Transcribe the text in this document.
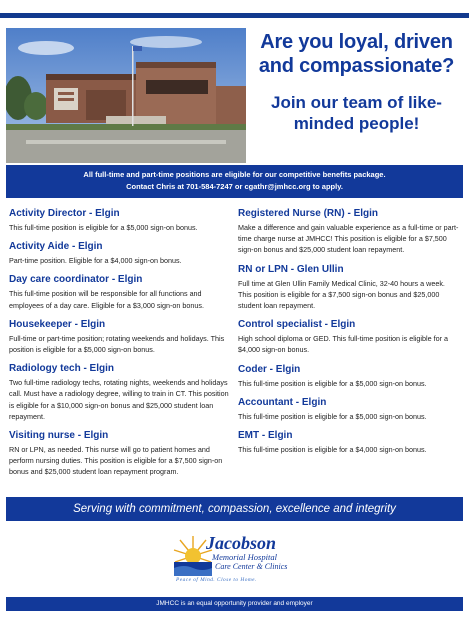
Are you loyal, driven and compassionate?
Join our team of like-minded people!
All full-time and part-time positions are eligible for our competitive benefits package.
Contact Chris at 701-584-7247 or cgathr@jmhcc.org to apply.
Activity Director - Elgin
This full-time position is eligible for a $5,000 sign-on bonus.
Activity Aide - Elgin
Part-time position. Eligible for a $4,000 sign-on bonus.
Day care coordinator - Elgin
This full-time position will be responsible for all functions and employees of a day care. Eligible for a $3,000 sign-on bonus.
Housekeeper - Elgin
Full-time or part-time position; rotating weekends and holidays. This position is eligible for a $5,000 sign-on bonus.
Radiology tech - Elgin
Two full-time radiology techs, rotating nights, weekends and holidays call. Must have a radiology degree, willing to train in CT. This position is eligible for a $10,000 sign-on bonus and $25,000 student loan repayment.
Visiting nurse - Elgin
RN or LPN, as needed. This nurse will go to patient homes and perform nursing duties. This position is eligible for a $7,500 sign-on bonus and $25,000 student loan repayment program.
Registered Nurse (RN) - Elgin
Make a difference and gain valuable experience as a full-time or part-time charge nurse at JMHCC! This position is eligible for a $7,500 sign-on bonus and $25,000 student loan repayment.
RN or LPN - Glen Ullin
Full time at Glen Ullin Family Medical Clinic, 32-40 hours a week. This position is eligible for a $7,500 sign-on bonus and $25,000 student loan repayment.
Control specialist - Elgin
High school diploma or GED. This full-time position is eligible for a $4,000 sign-on bonus.
Coder - Elgin
This full-time position is eligible for a $5,000 sign-on bonus.
Accountant - Elgin
This full-time position is eligible for a $5,000 sign-on bonus.
EMT - Elgin
This full-time position is eligible for a $4,000 sign-on bonus.
Serving with commitment, compassion, excellence and integrity
Jacobson
Memorial Hospital
Care Center & Clinics
Peace of Mind. Close to Home.
JMHCC is an equal opportunity provider and employer
